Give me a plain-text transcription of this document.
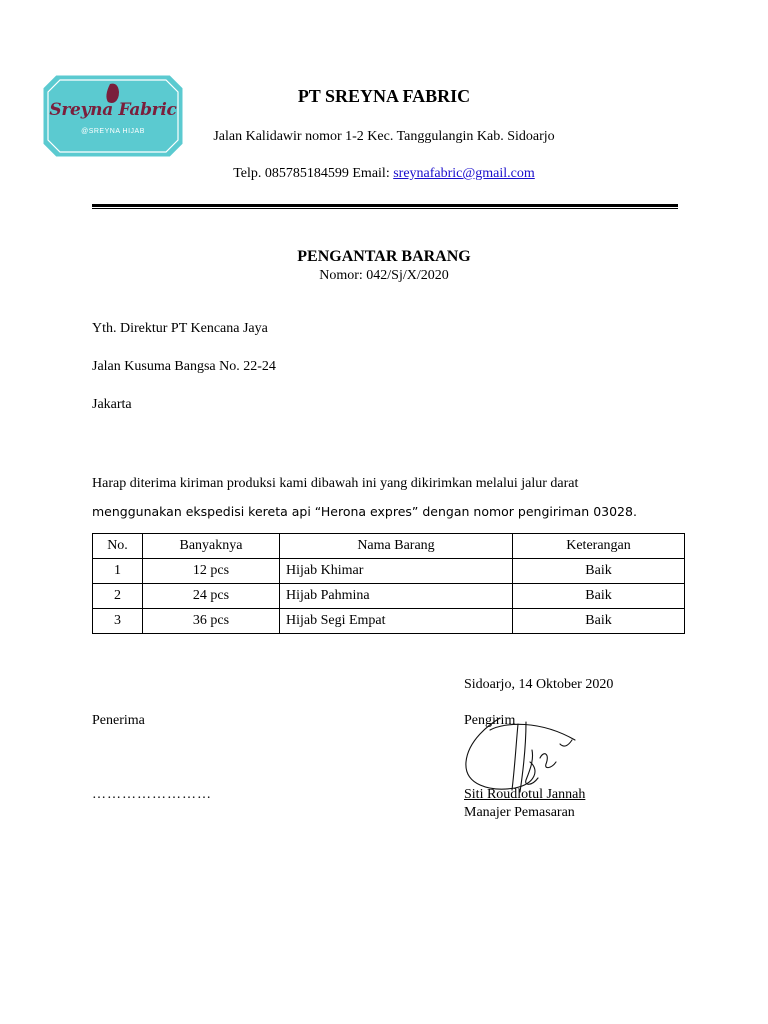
Sreyna Fabric
@SREYNA HIJAB
PT SREYNA FABRIC
Jalan Kalidawir nomor 1-2 Kec. Tanggulangin Kab. Sidoarjo
Telp. 085785184599 Email: sreynafabric@gmail.com
PENGANTAR BARANG
Nomor: 042/Sj/X/2020
Yth. Direktur PT Kencana Jaya
Jalan Kusuma Bangsa No. 22-24
Jakarta
Harap diterima kiriman produksi kami dibawah ini yang dikirimkan melalui jalur darat
menggunakan ekspedisi kereta api “Herona expres” dengan nomor pengiriman 03028.
No.	Banyaknya	Nama Barang	Keterangan
1	12 pcs	Hijab Khimar	Baik
2	24 pcs	Hijab Pahmina	Baik
3	36 pcs	Hijab Segi Empat	Baik
Sidoarjo, 14 Oktober 2020
Penerima	Pengirim
……………………	Siti Roudlotul Jannah
Manajer Pemasaran
